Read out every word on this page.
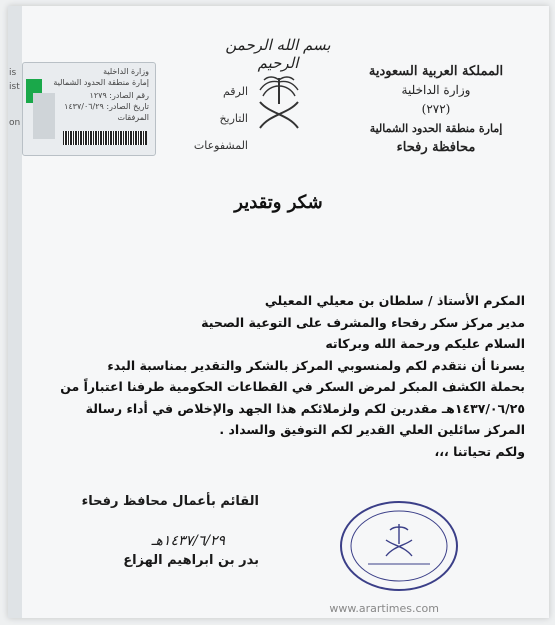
is
ist
on
بسم الله الرحمن الرحيم	المملكة العربية السعودية
وزارة الداخلية
(٢٧٢)
إمارة منطقة الحدود الشمالية
محافظة رفحاء
الرقم
التاريخ
المشفوعات
وزارة الداخلية
إمارة منطقة الحدود الشمالية
رقم الصادر: ١٢٧٩
تاريخ الصادر: ١٤٣٧/٠٦/٢٩
المرفقات
شكر وتقدير
المكرم الأستاذ / سلطان بن معيلي المعيلي
مدير مركز سكر رفحاء والمشرف على التوعية الصحية
السلام عليكم ورحمة الله وبركاته
يسرنا أن نتقدم لكم ولمنسوبي المركز بالشكر والتقدير بمناسبة البدء
بحملة الكشف المبكر لمرض السكر في القطاعات الحكومية طرفنا اعتباراً من
١٤٣٧/٠٦/٢٥هـ مقدرين لكم ولزملائكم هذا الجهد والإخلاص في أداء رسالة
المركز سائلين العلي القدير لكم التوفيق والسداد .
ولكم تحياتنا ،،،
القائم بأعمال محافظ رفحاء
١٤٣٧/٦/٢٩هـ
بدر بن ابراهيم الهزاع
www.arartimes.com
